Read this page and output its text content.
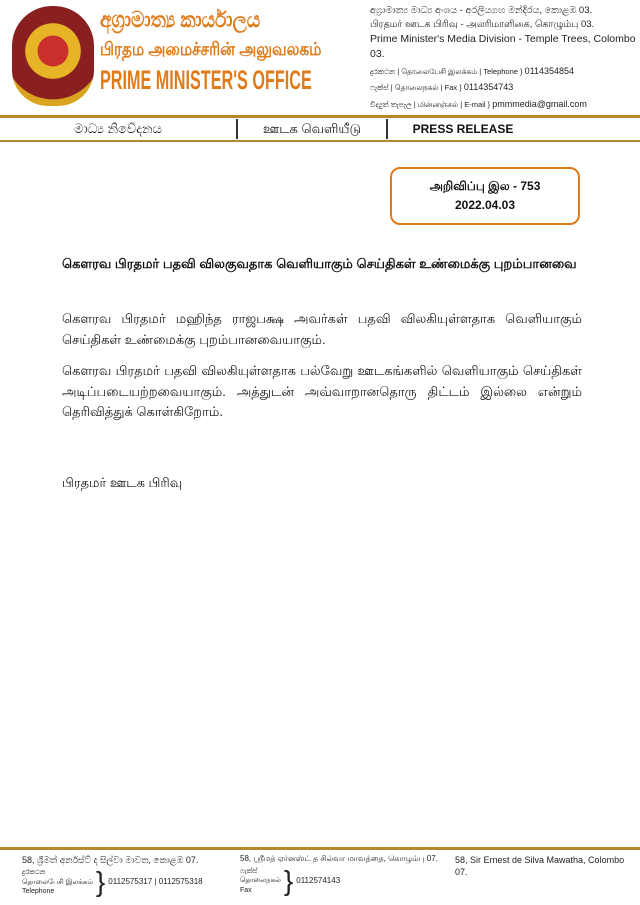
අග්‍රාමාත්‍ය කාර්යාලය
பிரதம அமைச்சரின் அலுவலகம்
PRIME MINISTER'S OFFICE
අග්‍රාමාත්‍ය මාධ්‍ය අංශය - අරලියගහ මන්දිරය, කොළඹ 03.
பிரதமர் ஊடக பிரிவு - அலரிமாளிகை, கொழும்பு 03.
Prime Minister's Media Division - Temple Trees, Colombo 03.
දුරකථන | தொலைபேசி இலக்கம் | Telephone } 0114354854
ෆැක්ස් | தொலைநகல் | Fax } 0114354743
විද්‍යුත් තැපෑල | மின்னஞ்சல் | E-mail } pmmmedia@gmail.com
මාධ්‍ය නිවේදනය	ஊடக வெளியீடு	PRESS RELEASE
அறிவிப்பு இல - 753
2022.04.03
கௌரவ பிரதமர் பதவி விலகுவதாக வெளியாகும் செய்திகள் உண்மைக்கு புறம்பானவை
கௌரவ பிரதமர் மஹிந்த ராஜபக்ஷ அவர்கள் பதவி விலகியுள்ளதாக வெளியாகும் செய்திகள் உண்மைக்கு புறம்பானவையாகும்.
கௌரவ பிரதமர் பதவி விலகியுள்ளதாக பல்வேறு ஊடகங்களில் வெளியாகும் செய்திகள் அடிப்படையற்றவையாகும். அத்துடன் அவ்வாறானதொரு திட்டம் இல்லை என்றும் தெரிவித்துக் கொள்கிறோம்.
பிரதமர் ஊடக பிரிவு
58, ශ්‍රීමත් අර්නස්ට් ද සිල්වා මාවත, කොළඹ 07.
දුරකථන
தொலைபேசி இலக்கம்
Telephone	} 0112575317 | 0112575318
58, ஸ்ரீமத் ஏர்னஸ்ட் த சில்வா மாவத்தை, கொழும்பு 07.
ෆැක්ස්
தொலைநகல்
Fax	} 0112574143
58, Sir Ernest de Silva Mawatha, Colombo 07.
